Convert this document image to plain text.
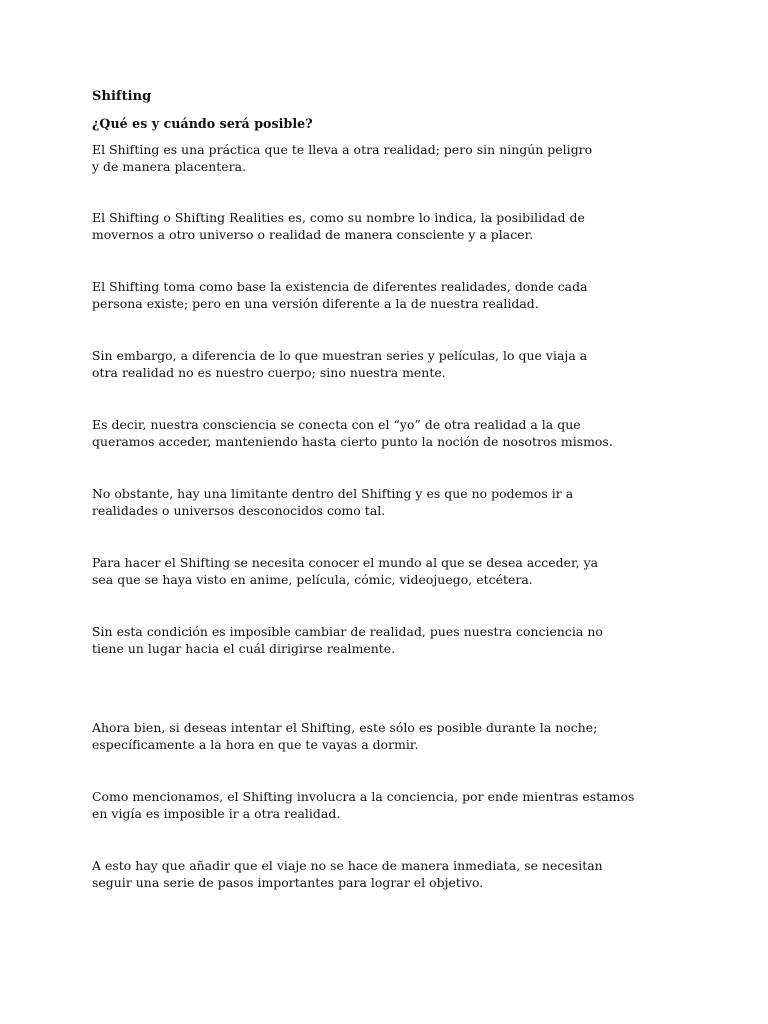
Shifting
¿Qué es y cuándo será posible?
El Shifting es una práctica que te lleva a otra realidad; pero sin ningún peligro
y de manera placentera.
El Shifting o Shifting Realities es, como su nombre lo indica, la posibilidad de
movernos a otro universo o realidad de manera consciente y a placer.
El Shifting toma como base la existencia de diferentes realidades, donde cada
persona existe; pero en una versión diferente a la de nuestra realidad.
Sin embargo, a diferencia de lo que muestran series y películas, lo que viaja a
otra realidad no es nuestro cuerpo; sino nuestra mente.
Es decir, nuestra consciencia se conecta con el “yo” de otra realidad a la que
queramos acceder, manteniendo hasta cierto punto la noción de nosotros mismos.
No obstante, hay una limitante dentro del Shifting y es que no podemos ir a
realidades o universos desconocidos como tal.
Para hacer el Shifting se necesita conocer el mundo al que se desea acceder, ya
sea que se haya visto en anime, película, cómic, videojuego, etcétera.
Sin esta condición es imposible cambiar de realidad, pues nuestra conciencia no
tiene un lugar hacia el cuál dirigirse realmente.
Ahora bien, si deseas intentar el Shifting, este sólo es posible durante la noche;
específicamente a la hora en que te vayas a dormir.
Como mencionamos, el Shifting involucra a la conciencia, por ende mientras estamos
en vigía es imposible ir a otra realidad.
A esto hay que añadir que el viaje no se hace de manera inmediata, se necesitan
seguir una serie de pasos importantes para lograr el objetivo.
